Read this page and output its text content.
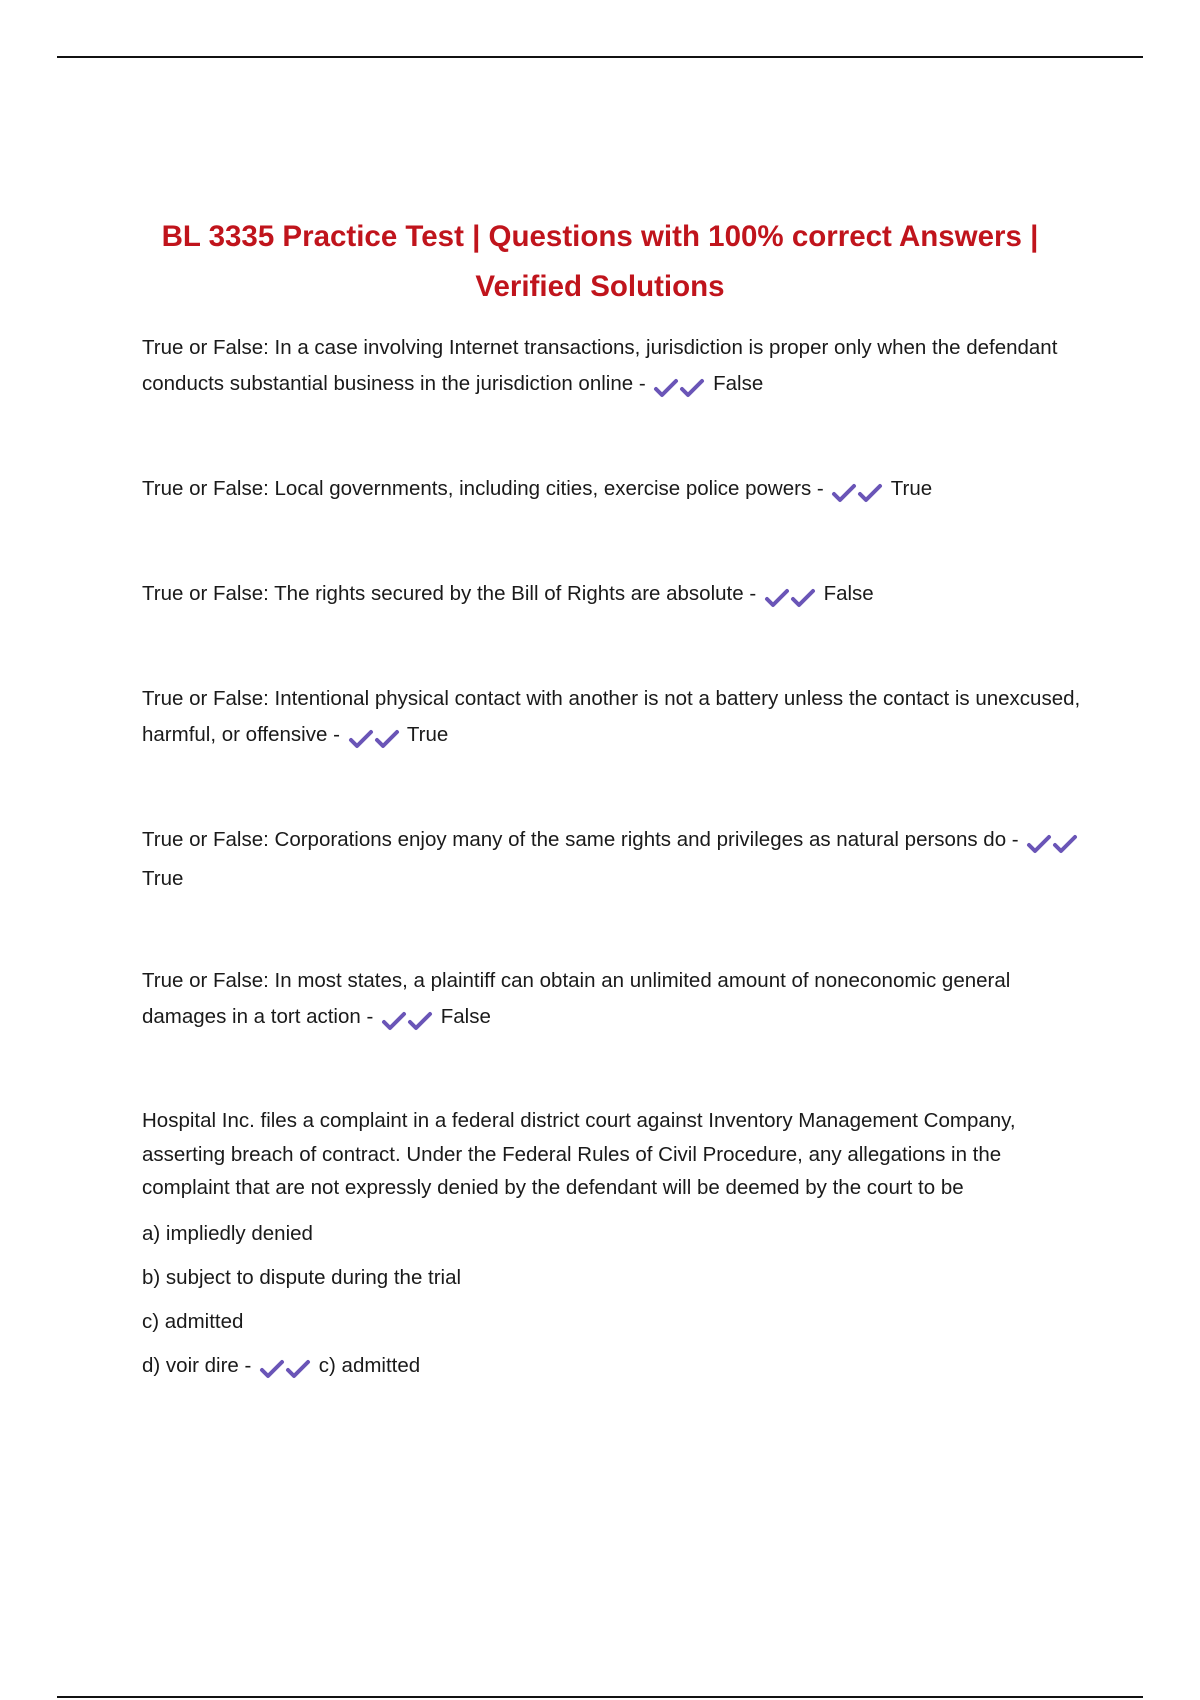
BL 3335 Practice Test | Questions with 100% correct Answers | Verified Solutions

True or False: In a case involving Internet transactions, jurisdiction is proper only when the defendant conducts substantial business in the jurisdiction online -	False

True or False: Local governments, including cities, exercise police powers -	True

True or False: The rights secured by the Bill of Rights are absolute -	False

True or False: Intentional physical contact with another is not a battery unless the contact is unexcused, harmful, or offensive -	True

True or False: Corporations enjoy many of the same rights and privileges as natural persons do -  True

True or False: In most states, a plaintiff can obtain an unlimited amount of noneconomic general damages in a tort action -	False

Hospital Inc. files a complaint in a federal district court against Inventory Management Company, asserting breach of contract. Under the Federal Rules of Civil Procedure, any allegations in the complaint that are not expressly denied by the defendant will be deemed by the court to be

a) impliedly denied

b) subject to dispute during the trial

c) admitted

d) voir dire -	c) admitted
